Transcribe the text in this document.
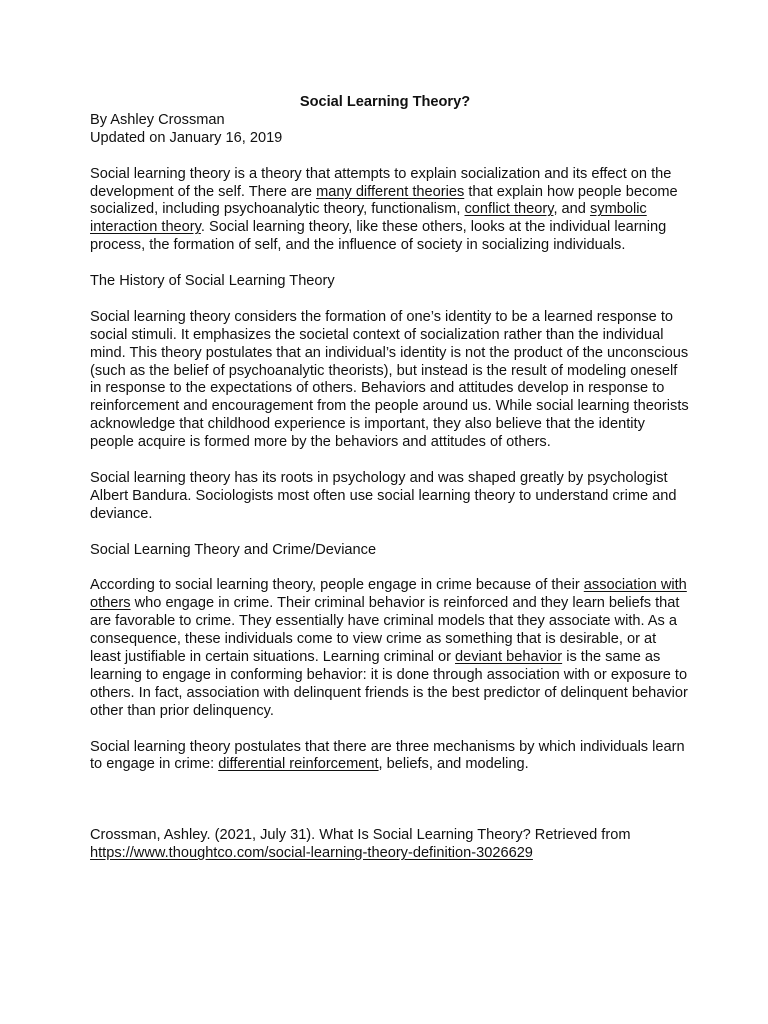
Social Learning Theory?

By Ashley Crossman

Updated on January 16, 2019

Social learning theory is a theory that attempts to explain socialization and its effect on the development of the self. There are many different theories that explain how people become socialized, including psychoanalytic theory, functionalism, conflict theory, and symbolic interaction theory. Social learning theory, like these others, looks at the individual learning process, the formation of self, and the influence of society in socializing individuals.

The History of Social Learning Theory

Social learning theory considers the formation of one’s identity to be a learned response to social stimuli. It emphasizes the societal context of socialization rather than the individual mind. This theory postulates that an individual’s identity is not the product of the unconscious (such as the belief of psychoanalytic theorists), but instead is the result of modeling oneself in response to the expectations of others. Behaviors and attitudes develop in response to reinforcement and encouragement from the people around us. While social learning theorists acknowledge that childhood experience is important, they also believe that the identity people acquire is formed more by the behaviors and attitudes of others.

Social learning theory has its roots in psychology and was shaped greatly by psychologist Albert Bandura. Sociologists most often use social learning theory to understand crime and deviance.

Social Learning Theory and Crime/Deviance

According to social learning theory, people engage in crime because of their association with others who engage in crime. Their criminal behavior is reinforced and they learn beliefs that are favorable to crime. They essentially have criminal models that they associate with. As a consequence, these individuals come to view crime as something that is desirable, or at least justifiable in certain situations. Learning criminal or deviant behavior is the same as learning to engage in conforming behavior: it is done through association with or exposure to others. In fact, association with delinquent friends is the best predictor of delinquent behavior other than prior delinquency.

Social learning theory postulates that there are three mechanisms by which individuals learn to engage in crime: differential reinforcement, beliefs, and modeling.

Crossman, Ashley. (2021, July 31). What Is Social Learning Theory? Retrieved from https://www.thoughtco.com/social-learning-theory-definition-3026629
